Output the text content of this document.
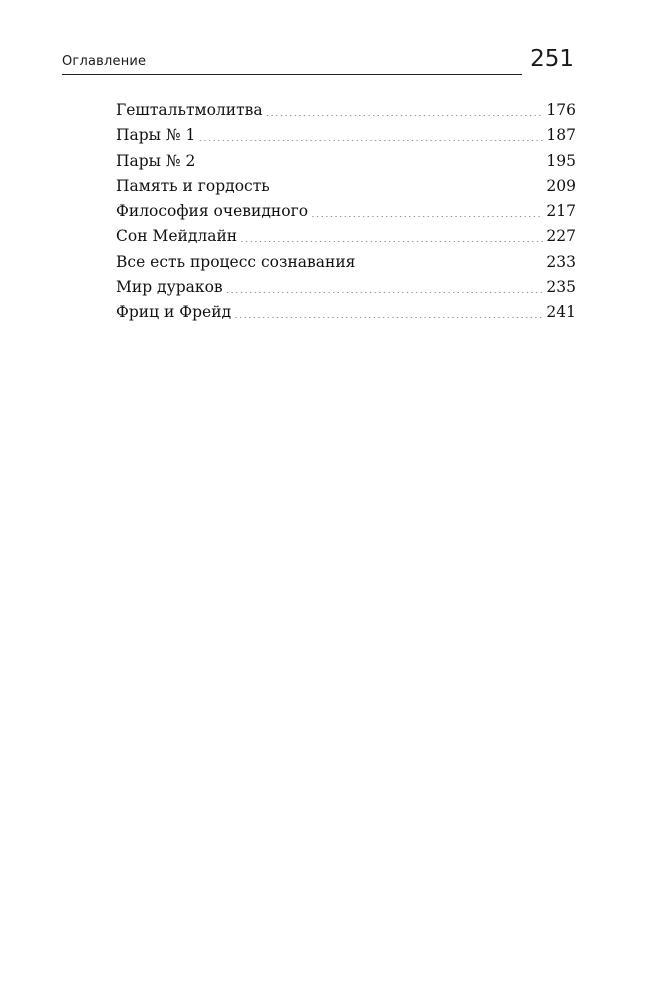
Оглавление	251
Гештальтмолитва .....	176
Пары № 1 .....	187
Пары № 2 .....	195
Память и гордость .....	209
Философия очевидного .....	217
Сон Мейдлайн .....	227
Все есть процесс сознавания .....	233
Мир дураков .....	235
Фриц и Фрейд .....	241
